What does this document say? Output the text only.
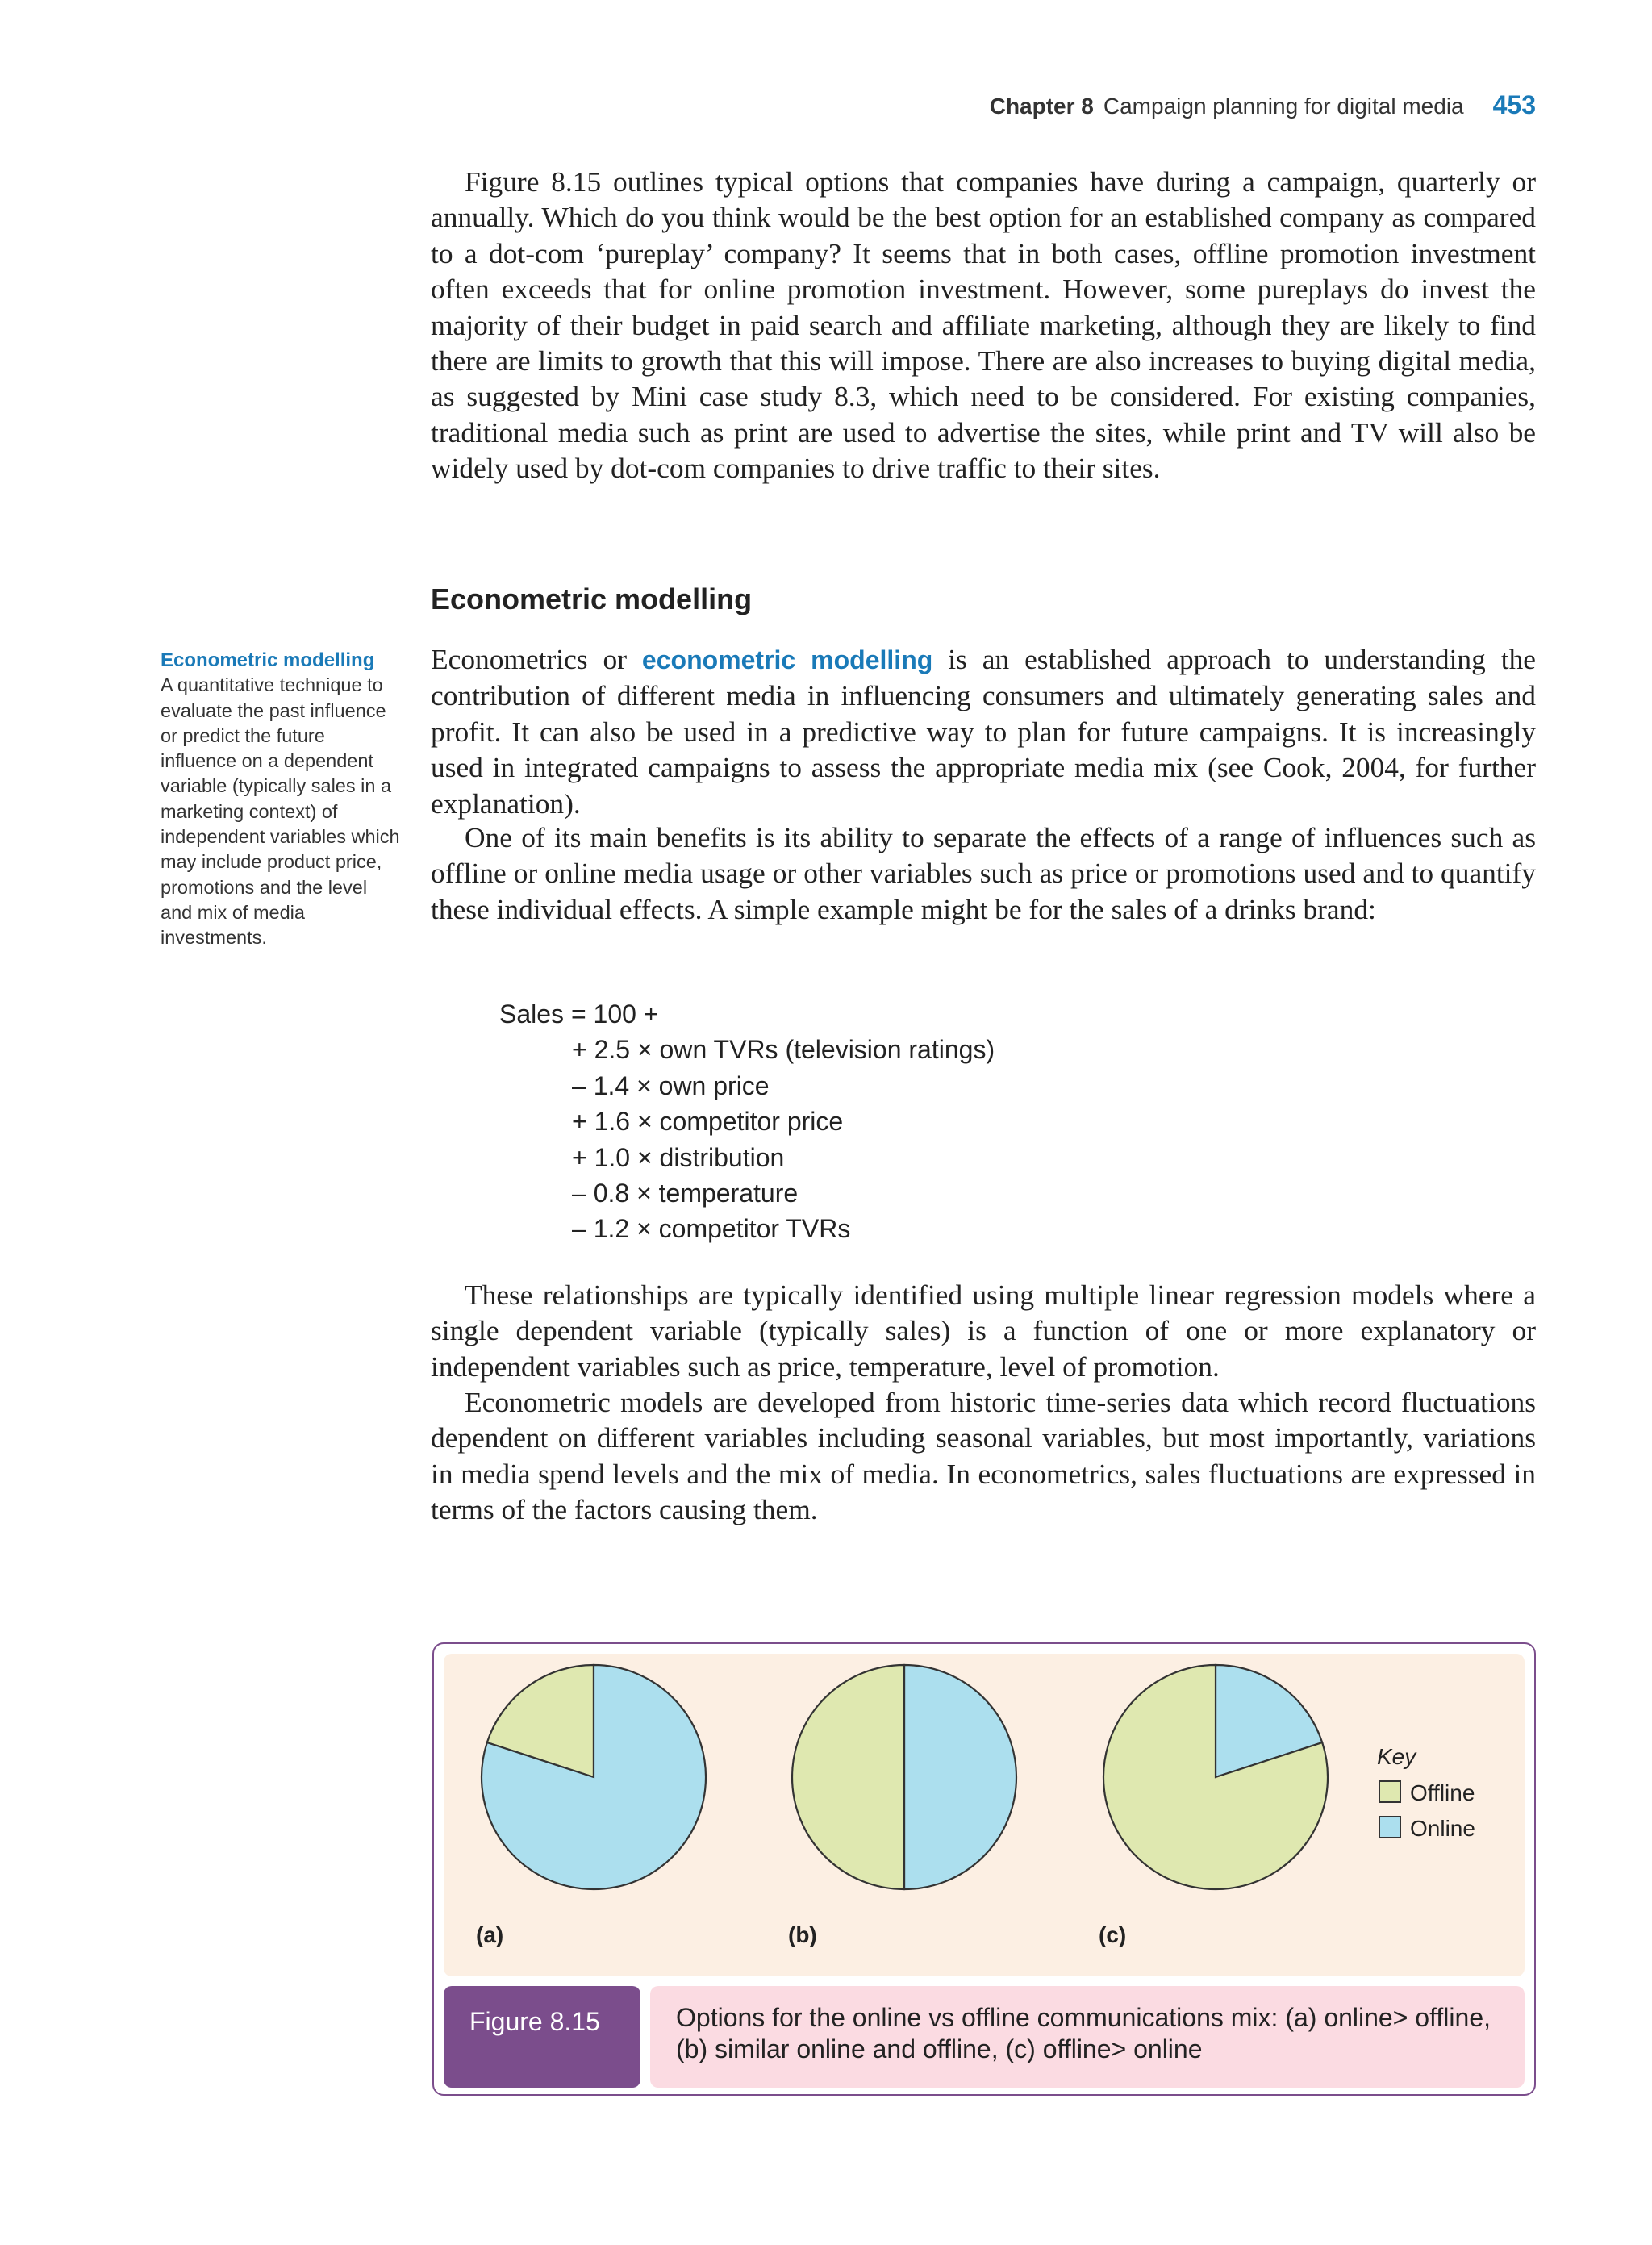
Chapter 8 Campaign planning for digital media 453

Figure 8.15 outlines typical options that companies have during a campaign, quarterly or annually. Which do you think would be the best option for an established company as compared to a dot-com ‘pureplay’ company? It seems that in both cases, offline promotion investment often exceeds that for online promotion investment. However, some pureplays do invest the majority of their budget in paid search and affiliate marketing, although they are likely to find there are limits to growth that this will impose. There are also increases to buying digital media, as suggested by Mini case study 8.3, which need to be considered. For existing companies, traditional media such as print are used to advertise the sites, while print and TV will also be widely used by dot-com companies to drive traffic to their sites.

Econometric modelling
Econometric modelling
A quantitative technique to evaluate the past influence or predict the future influence on a dependent variable (typically sales in a marketing context) of independent variables which may include product price, promotions and the level and mix of media investments.

Econometrics or econometric modelling is an established approach to understanding the contribution of different media in influencing consumers and ultimately generating sales and profit. It can also be used in a predictive way to plan for future campaigns. It is increasingly used in integrated campaigns to assess the appropriate media mix (see Cook, 2004, for further explanation).

One of its main benefits is its ability to separate the effects of a range of influences such as offline or online media usage or other variables such as price or promotions used and to quantify these individual effects. A simple example might be for the sales of a drinks brand:

Sales = 100 +
+ 2.5 × own TVRs (television ratings)
– 1.4 × own price
+ 1.6 × competitor price
+ 1.0 × distribution
– 0.8 × temperature
– 1.2 × competitor TVRs

These relationships are typically identified using multiple linear regression models where a single dependent variable (typically sales) is a function of one or more explanatory or independent variables such as price, temperature, level of promotion.

Econometric models are developed from historic time-series data which record fluctuations dependent on different variables including seasonal variables, but most importantly, variations in media spend levels and the mix of media. In econometrics, sales fluctuations are expressed in terms of the factors causing them.

(a)	(b)	(c)
Key
Offline
Online
Figure 8.15	Options for the online vs offline communications mix: (a) online> offline, (b) similar online and offline, (c) offline> online
